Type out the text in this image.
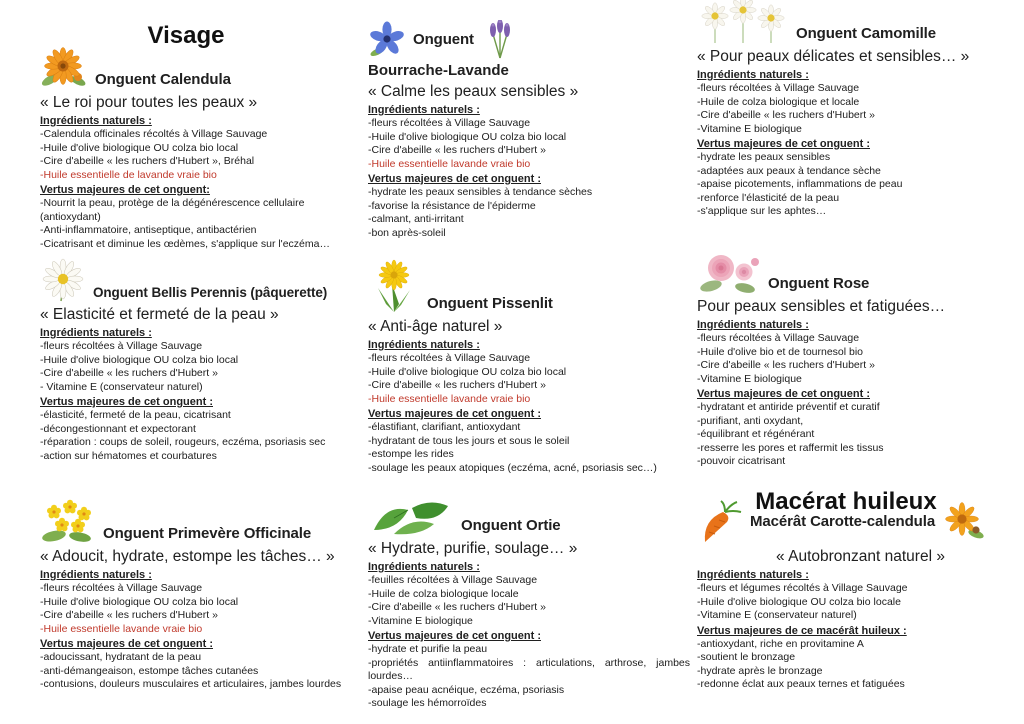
Visage
Macérat huileux
Onguent Calendula
« Le roi pour toutes les peaux »
Ingrédients naturels :
-Calendula officinales récoltés à Village Sauvage
-Huile d'olive biologique OU colza bio local
-Cire d'abeille « les ruchers d'Hubert », Bréhal
-Huile essentielle de lavande vraie bio
Vertus majeures de cet onguent:
-Nourrit la peau, protège de la dégénérescence cellulaire (antioxydant)
-Anti-inflammatoire, antiseptique, antibactérien
-Cicatrisant et diminue les œdèmes, s'applique sur l'eczéma…
Onguent
Bourrache-Lavande
« Calme les peaux sensibles »
Ingrédients naturels :
-fleurs récoltées à Village Sauvage
-Huile d'olive biologique OU colza bio local
-Cire d'abeille « les ruchers d'Hubert »
-Huile essentielle lavande vraie bio
Vertus majeures de cet onguent :
-hydrate les peaux sensibles à tendance sèches
-favorise la résistance de l'épiderme
-calmant, anti-irritant
-bon après-soleil
Onguent Camomille
« Pour peaux délicates et sensibles… »
Ingrédients naturels :
-fleurs récoltées à Village Sauvage
-Huile de colza biologique et locale
-Cire d'abeille « les ruchers d'Hubert »
-Vitamine E biologique
Vertus majeures de cet onguent :
-hydrate les peaux sensibles
-adaptées aux peaux à tendance sèche
-apaise picotements, inflammations de peau
-renforce l'élasticité de la peau
-s'applique sur les aphtes…
Onguent Bellis Perennis (pâquerette)
« Elasticité et fermeté de la peau »
Ingrédients naturels :
-fleurs récoltées à Village Sauvage
-Huile d'olive biologique OU colza bio local
-Cire d'abeille « les ruchers d'Hubert »
- Vitamine E (conservateur naturel)
Vertus majeures de cet onguent :
-élasticité, fermeté de la peau, cicatrisant
-décongestionnant et expectorant
-réparation : coups de soleil, rougeurs, eczéma, psoriasis sec
-action sur hématomes et courbatures
Onguent Pissenlit
« Anti-âge naturel »
Ingrédients naturels :
-fleurs récoltées à Village Sauvage
-Huile d'olive biologique OU colza bio local
-Cire d'abeille « les ruchers d'Hubert »
-Huile essentielle lavande vraie bio
Vertus majeures de cet onguent :
-élastifiant, clarifiant, antioxydant
-hydratant de tous les jours et sous le soleil
-estompe les rides
-soulage les peaux atopiques (eczéma, acné, psoriasis sec…)
Onguent Rose
Pour peaux sensibles et fatiguées…
Ingrédients naturels :
-fleurs récoltées à Village Sauvage
-Huile d'olive bio et de tournesol bio
-Cire d'abeille « les ruchers d'Hubert »
-Vitamine E biologique
Vertus majeures de cet onguent :
-hydratant et antiride préventif et curatif
-purifiant, anti oxydant,
-équilibrant et régénérant
-resserre les pores et raffermit les tissus
-pouvoir cicatrisant
Onguent Primevère Officinale
« Adoucit, hydrate, estompe les tâches… »
Ingrédients naturels :
-fleurs récoltées à Village Sauvage
-Huile d'olive biologique OU colza bio local
-Cire d'abeille « les ruchers d'Hubert »
-Huile essentielle lavande vraie bio
Vertus majeures de cet onguent :
-adoucissant, hydratant de la peau
-anti-démangeaison, estompe tâches cutanées
-contusions, douleurs musculaires et articulaires, jambes lourdes
Onguent Ortie
« Hydrate, purifie, soulage… »
Ingrédients naturels :
-feuilles récoltées à Village Sauvage
-Huile de colza biologique locale
-Cire d'abeille « les ruchers d'Hubert »
-Vitamine E biologique
Vertus majeures de cet onguent :
-hydrate et purifie la peau
-propriétés antiinflammatoires : articulations, arthrose, jambes lourdes…
-apaise peau acnéique, eczéma, psoriasis
-soulage les hémorroïdes
Macérât Carotte-calendula
« Autobronzant naturel »
Ingrédients naturels :
-fleurs et légumes récoltés à Village Sauvage
-Huile d'olive biologique OU colza bio locale
-Vitamine E (conservateur naturel)
Vertus majeures de ce macérât huileux :
-antioxydant, riche en provitamine A
-soutient le bronzage
-hydrate après le bronzage
-redonne éclat aux peaux ternes et fatiguées
